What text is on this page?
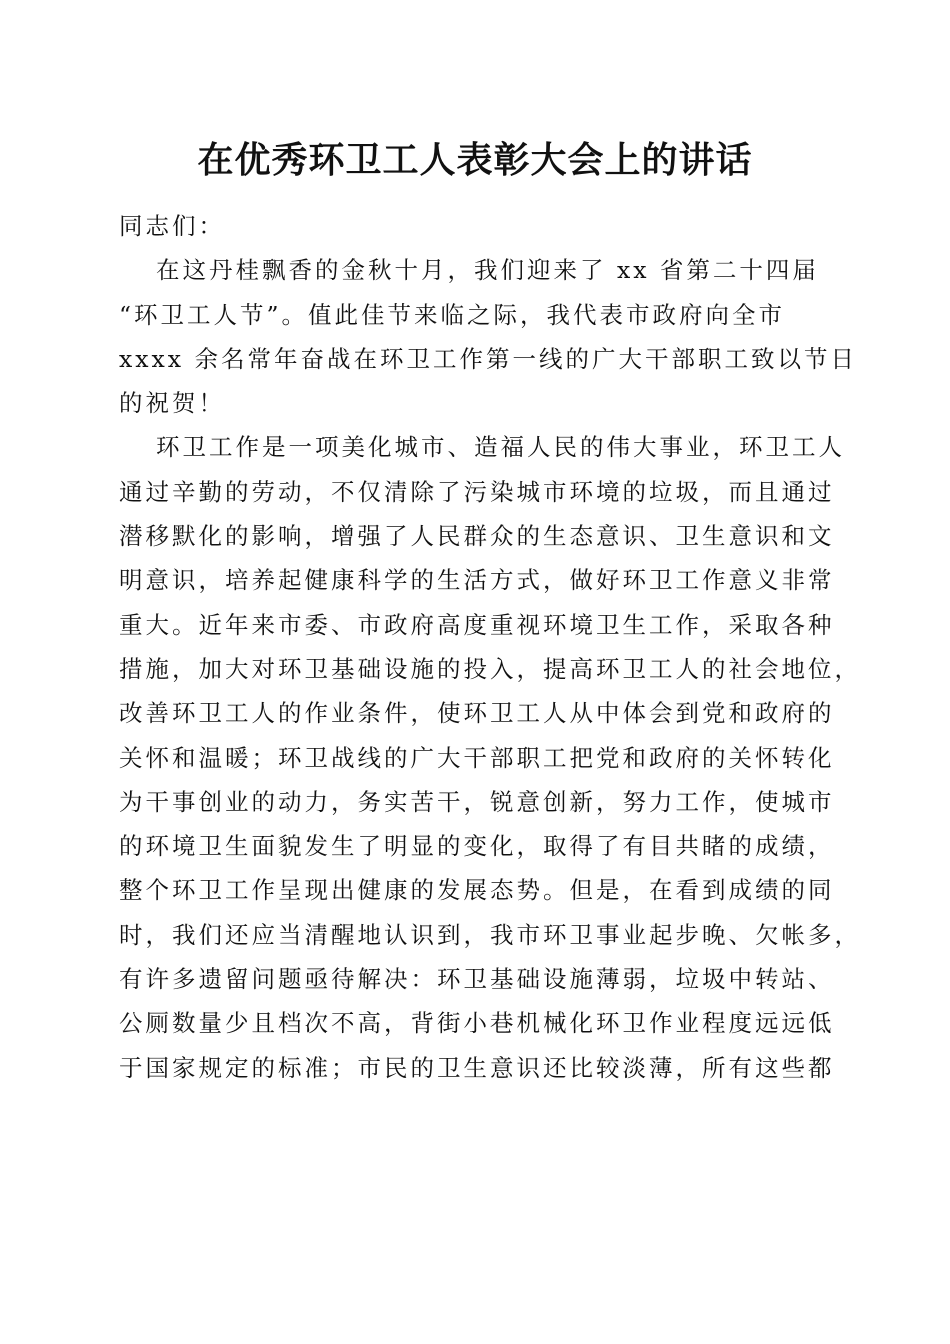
在优秀环卫工人表彰大会上的讲话

同志们：

　 在这丹桂飘香的金秋十月，我们迎来了 xx 省第二十四届

“环卫工人节”。值此佳节来临之际，我代表市政府向全市

xxxx 余名常年奋战在环卫工作第一线的广大干部职工致以节日

的祝贺！

　 环卫工作是一项美化城市、造福人民的伟大事业，环卫工人

通过辛勤的劳动，不仅清除了污染城市环境的垃圾，而且通过

潜移默化的影响，增强了人民群众的生态意识、卫生意识和文

明意识，培养起健康科学的生活方式，做好环卫工作意义非常

重大。近年来市委、市政府高度重视环境卫生工作，采取各种

措施，加大对环卫基础设施的投入，提高环卫工人的社会地位，

改善环卫工人的作业条件，使环卫工人从中体会到党和政府的

关怀和温暖；环卫战线的广大干部职工把党和政府的关怀转化

为干事创业的动力，务实苦干，锐意创新，努力工作，使城市

的环境卫生面貌发生了明显的变化，取得了有目共睹的成绩，

整个环卫工作呈现出健康的发展态势。但是，在看到成绩的同

时，我们还应当清醒地认识到，我市环卫事业起步晚、欠帐多，

有许多遗留问题亟待解决：环卫基础设施薄弱，垃圾中转站、

公厕数量少且档次不高，背街小巷机械化环卫作业程度远远低

于国家规定的标准；市民的卫生意识还比较淡薄，所有这些都
